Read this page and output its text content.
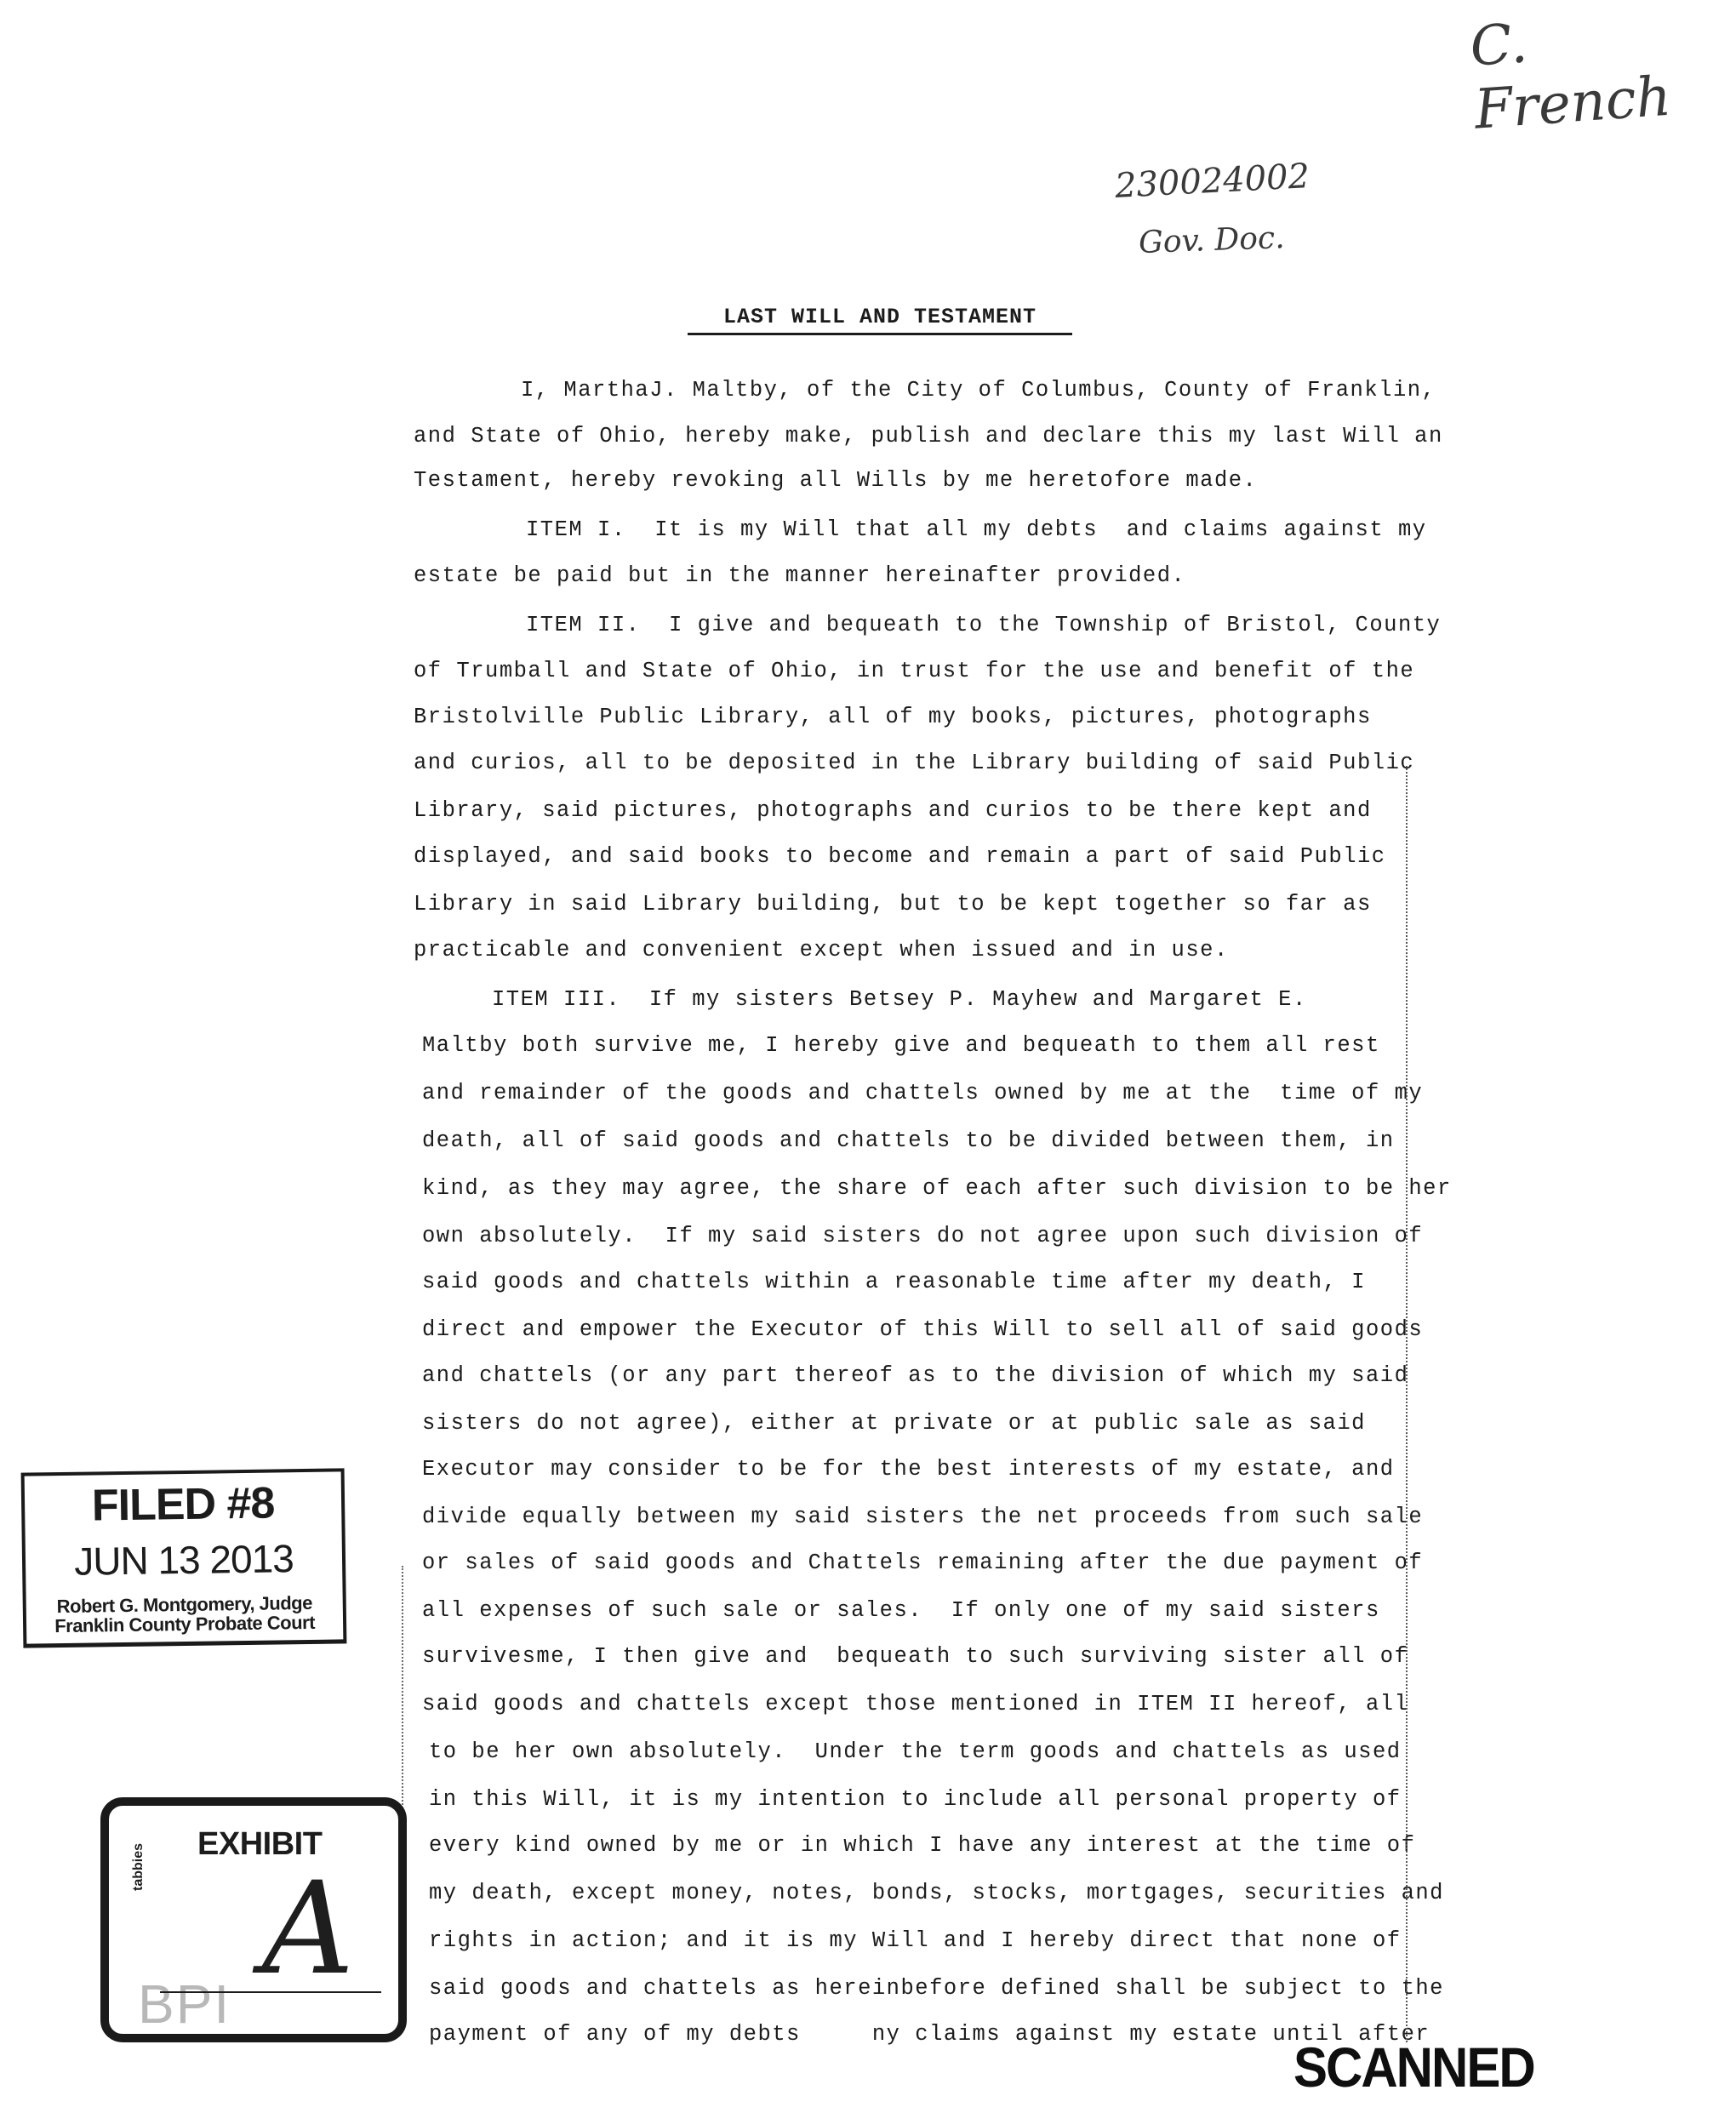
C. French
230024002
Gov. Doc.
LAST WILL AND TESTAMENT
I, MarthaJ. Maltby, of the City of Columbus, County of Franklin,
and State of Ohio, hereby make, publish and declare this my last Will an
Testament, hereby revoking all Wills by me heretofore made.
ITEM I.  It is my Will that all my debts  and claims against my
estate be paid but in the manner hereinafter provided.
ITEM II.  I give and bequeath to the Township of Bristol, County
of Trumball and State of Ohio, in trust for the use and benefit of the
Bristolville Public Library, all of my books, pictures, photographs
and curios, all to be deposited in the Library building of said Public
Library, said pictures, photographs and curios to be there kept and
displayed, and said books to become and remain a part of said Public
Library in said Library building, but to be kept together so far as
practicable and convenient except when issued and in use.
ITEM III.  If my sisters Betsey P. Mayhew and Margaret E.
Maltby both survive me, I hereby give and bequeath to them all rest
and remainder of the goods and chattels owned by me at the  time of my
death, all of said goods and chattels to be divided between them, in
kind, as they may agree, the share of each after such division to be her
own absolutely.  If my said sisters do not agree upon such division of
said goods and chattels within a reasonable time after my death, I
direct and empower the Executor of this Will to sell all of said goods
and chattels (or any part thereof as to the division of which my said
sisters do not agree), either at private or at public sale as said
Executor may consider to be for the best interests of my estate, and
divide equally between my said sisters the net proceeds from such sale
or sales of said goods and Chattels remaining after the due payment of
all expenses of such sale or sales.  If only one of my said sisters
survivesme, I then give and  bequeath to such surviving sister all of
said goods and chattels except those mentioned in ITEM II hereof, all
to be her own absolutely.  Under the term goods and chattels as used
in this Will, it is my intention to include all personal property of
every kind owned by me or in which I have any interest at the time of
my death, except money, notes, bonds, stocks, mortgages, securities and
rights in action; and it is my Will and I hereby direct that none of
said goods and chattels as hereinbefore defined shall be subject to the
payment of any of my debts     ny claims against my estate until after
FILED #8
JUN 13 2013
Robert G. Montgomery, Judge
Franklin County Probate Court
BPI
EXHIBIT
tabbies A
SCANNED
